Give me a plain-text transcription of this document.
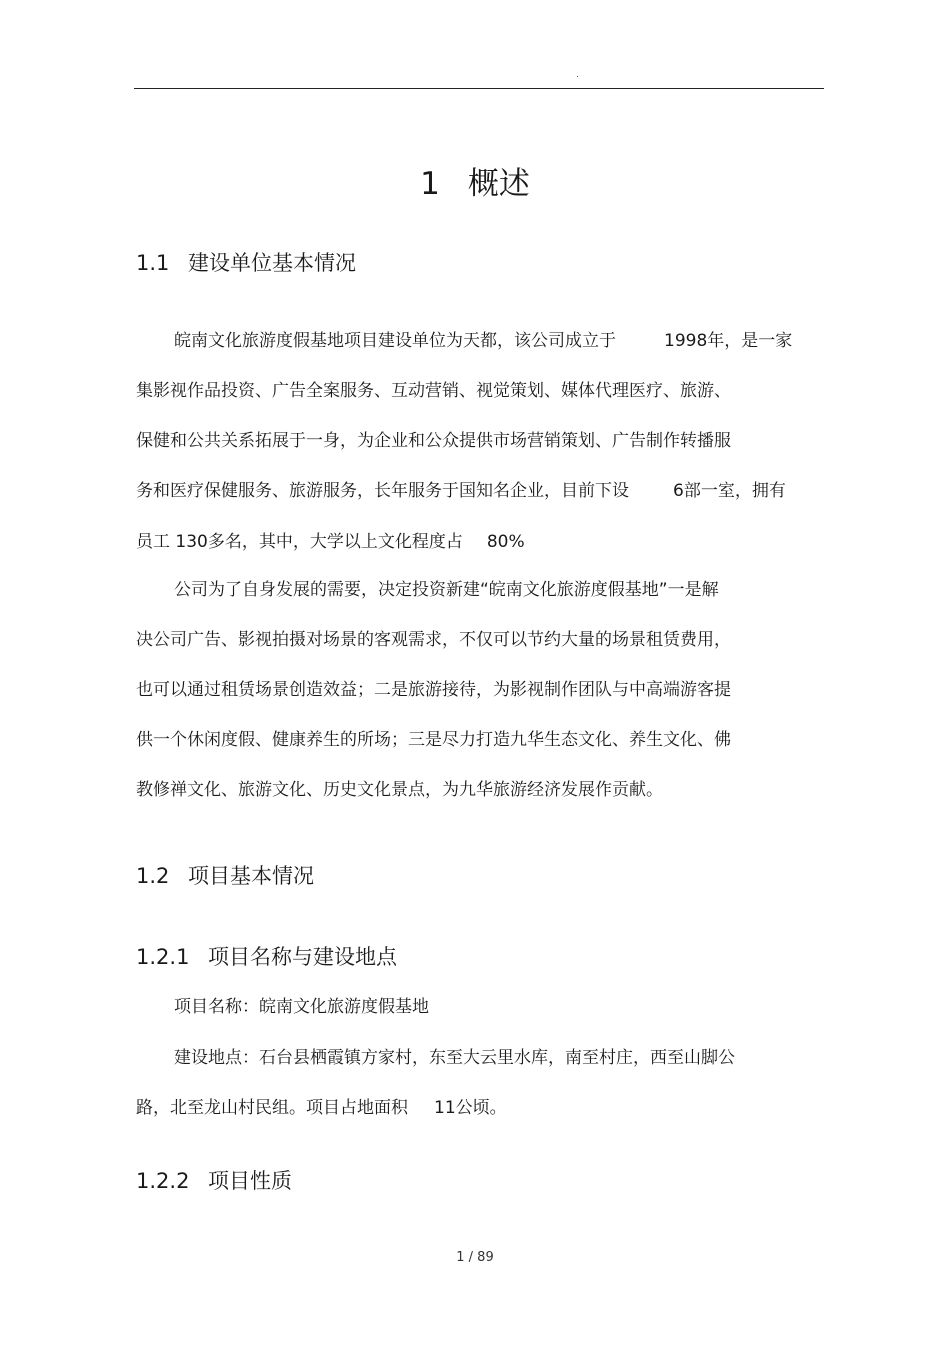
.
1 概述
1.1 建设单位基本情况
皖南文化旅游度假基地项目建设单位为天都，该公司成立于	1998年，是一家
集影视作品投资、广告全案服务、互动营销、视觉策划、媒体代理医疗、旅游、
保健和公共关系拓展于一身，为企业和公众提供市场营销策划、广告制作转播服
务和医疗保健服务、旅游服务，长年服务于国知名企业，目前下设	6部一室，拥有
员工 130多名，其中，大学以上文化程度占 80%
公司为了自身发展的需要，决定投资新建“皖南文化旅游度假基地”一是解
决公司广告、影视拍摄对场景的客观需求，不仅可以节约大量的场景租赁费用，
也可以通过租赁场景创造效益；二是旅游接待，为影视制作团队与中高端游客提
供一个休闲度假、健康养生的所场；三是尽力打造九华生态文化、养生文化、佛
教修禅文化、旅游文化、历史文化景点，为九华旅游经济发展作贡献。
1.2 项目基本情况
1.2.1 项目名称与建设地点
项目名称：皖南文化旅游度假基地
建设地点：石台县栖霞镇方家村，东至大云里水库，南至村庄，西至山脚公
路，北至龙山村民组。项目占地面积 11公顷。
1.2.2 项目性质
1 / 89
